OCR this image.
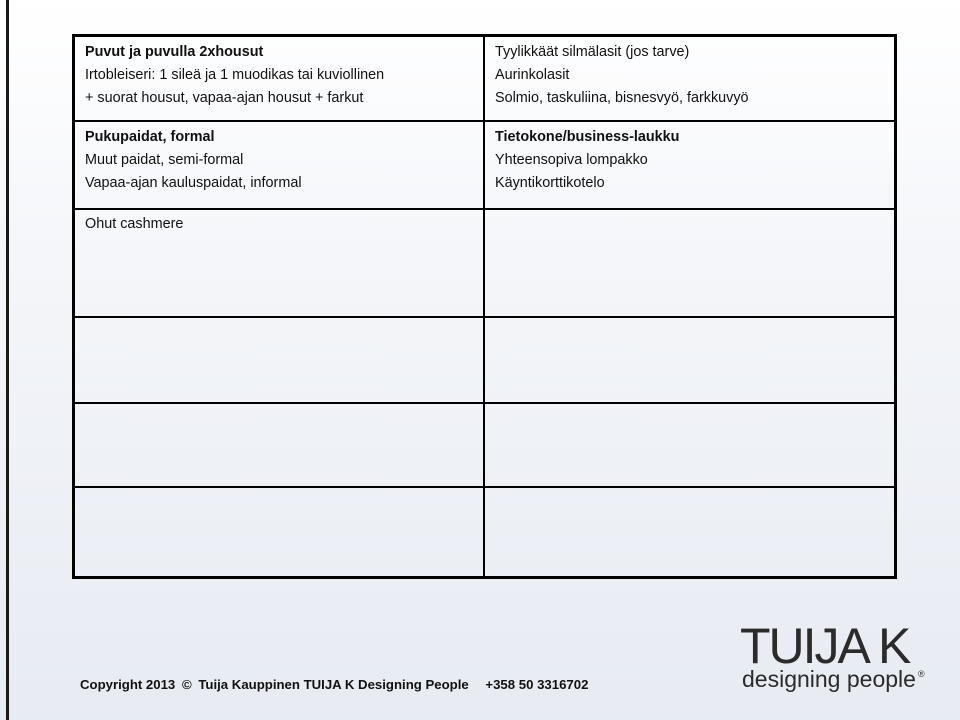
Puvut ja puvulla 2xhousut
Irtobleiseri: 1 sileä ja 1 muodikas tai kuviollinen
+ suorat housut, vapaa-ajan housut + farkut
Tyylikkäät silmälasit (jos tarve)
Aurinkolasit
Solmio, taskuliina, bisnesvyö, farkkuvyö
Pukupaidat, formal
Muut paidat, semi-formal
Vapaa-ajan kauluspaidat, informal
Tietokone/business-laukku
Yhteensopiva lompakko
Käyntikorttikotelo
Ohut cashmere
Copyright 2013 © Tuija Kauppinen TUIJA K Designing People +358 50 3316702
TUIJA K
designing people ®
